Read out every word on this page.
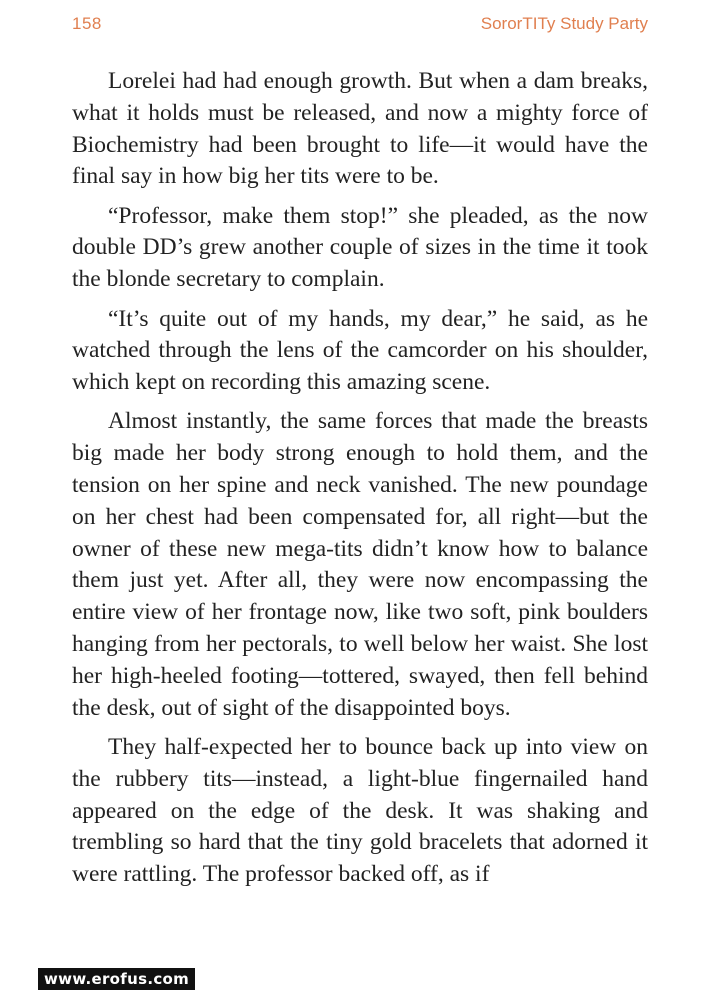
158	SororTITy Study Party

Lorelei had had enough growth. But when a dam breaks, what it holds must be released, and now a mighty force of Biochemistry had been brought to life—it would have the final say in how big her tits were to be.

“Professor, make them stop!” she pleaded, as the now double DD’s grew another couple of sizes in the time it took the blonde secretary to complain.

“It’s quite out of my hands, my dear,” he said, as he watched through the lens of the camcorder on his shoulder, which kept on recording this amazing scene.

Almost instantly, the same forces that made the breasts big made her body strong enough to hold them, and the tension on her spine and neck vanished. The new poundage on her chest had been compensated for, all right—but the owner of these new mega-tits didn’t know how to balance them just yet. After all, they were now encompassing the entire view of her frontage now, like two soft, pink boulders hanging from her pectorals, to well below her waist. She lost her high-heeled footing—tottered, swayed, then fell behind the desk, out of sight of the disappointed boys.

They half-expected her to bounce back up into view on the rubbery tits—instead, a light-blue fingernailed hand appeared on the edge of the desk. It was shaking and trembling so hard that the tiny gold bracelets that adorned it were rattling. The professor backed off, as if

www.erofus.com
